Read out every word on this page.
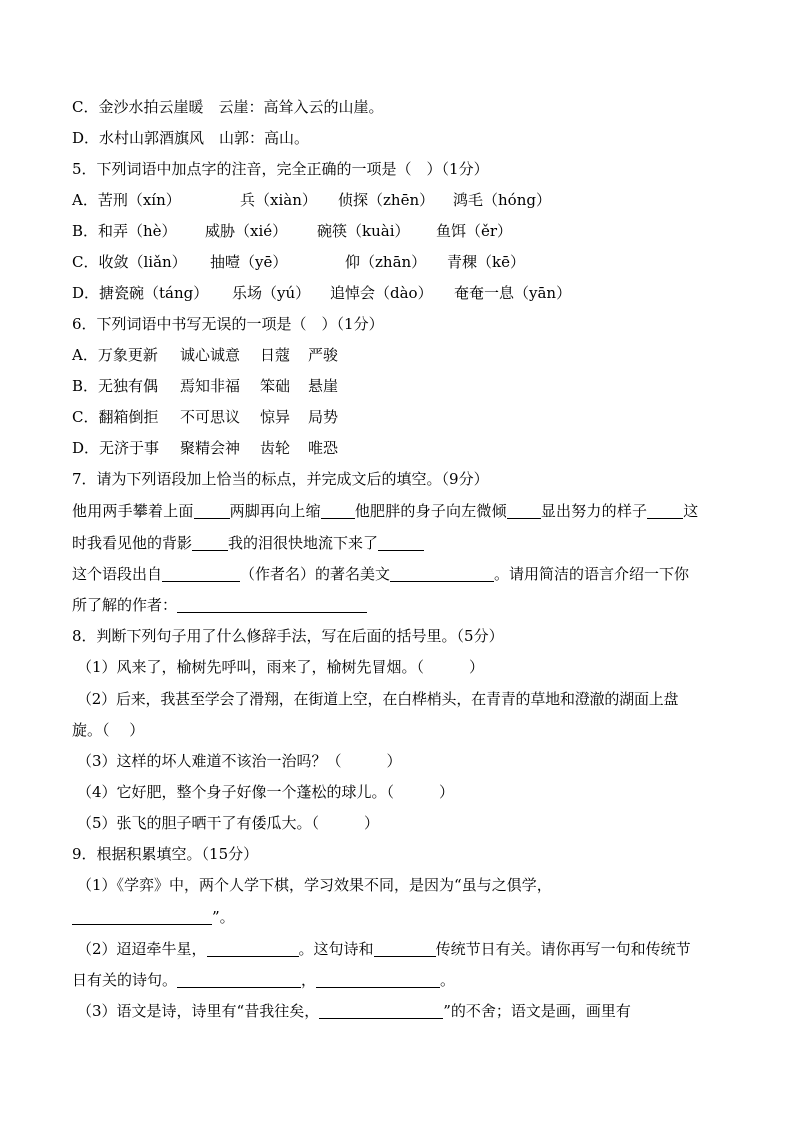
C．金沙水拍云崖暖　云崖：高耸入云的山崖。
D．水村山郭酒旗风　山郭：高山。
5．下列词语中加点字的注音，完全正确的一项是（　）（1分）
A．苦刑（xín）	兵（xiàn） 侦探（zhēn） 鸿毛（hóng）
B．和弄（hè） 威胁（xié） 碗筷（kuài） 鱼饵（ěr）
C．收敛（liǎn） 抽噎（yē）	仰（zhān） 青稞（kē）
D．搪瓷碗（táng） 乐场（yú） 追悼会（dào） 奄奄一息（yān）
6．下列词语中书写无误的一项是（　）（1分）
A．万象更新 诚心诚意 日蔻 严骏
B．无独有偶 焉知非福 笨础 悬崖
C．翻箱倒拒 不可思议 惊异 局势
D．无济于事 聚精会神 齿轮 唯恐
7．请为下列语段加上恰当的标点，并完成文后的填空。（9分）
他用两手攀着上面 两脚再向上缩 他肥胖的身子向左微倾 显出努力的样子 这
时我看见他的背影 我的泪很快地流下来了
这个语段出自	（作者名）的著名美文	。请用简洁的语言介绍一下你
所了解的作者：
8．判断下列句子用了什么修辞手法，写在后面的括号里。（5分）
（1）风来了，榆树先呼叫，雨来了，榆树先冒烟。（　　　）
（2）后来，我甚至学会了滑翔，在街道上空，在白桦梢头，在青青的草地和澄澈的湖面上盘
旋。（　 ）
（3）这样的坏人难道不该治一治吗？（　　　）
（4）它好肥，整个身子好像一个蓬松的球儿。（　　　）
（5）张飞的胆子晒干了有倭瓜大。（　　　）
9．根据积累填空。（15分）
（1）《学弈》中，两个人学下棋，学习效果不同，是因为“虽与之俱学，
”。
（2）迢迢牵牛星，	。这句诗和	传统节日有关。请你再写一句和传统节
日有关的诗句。	，	。
（3）语文是诗，诗里有“昔我往矣，	”的不舍；语文是画，画里有
